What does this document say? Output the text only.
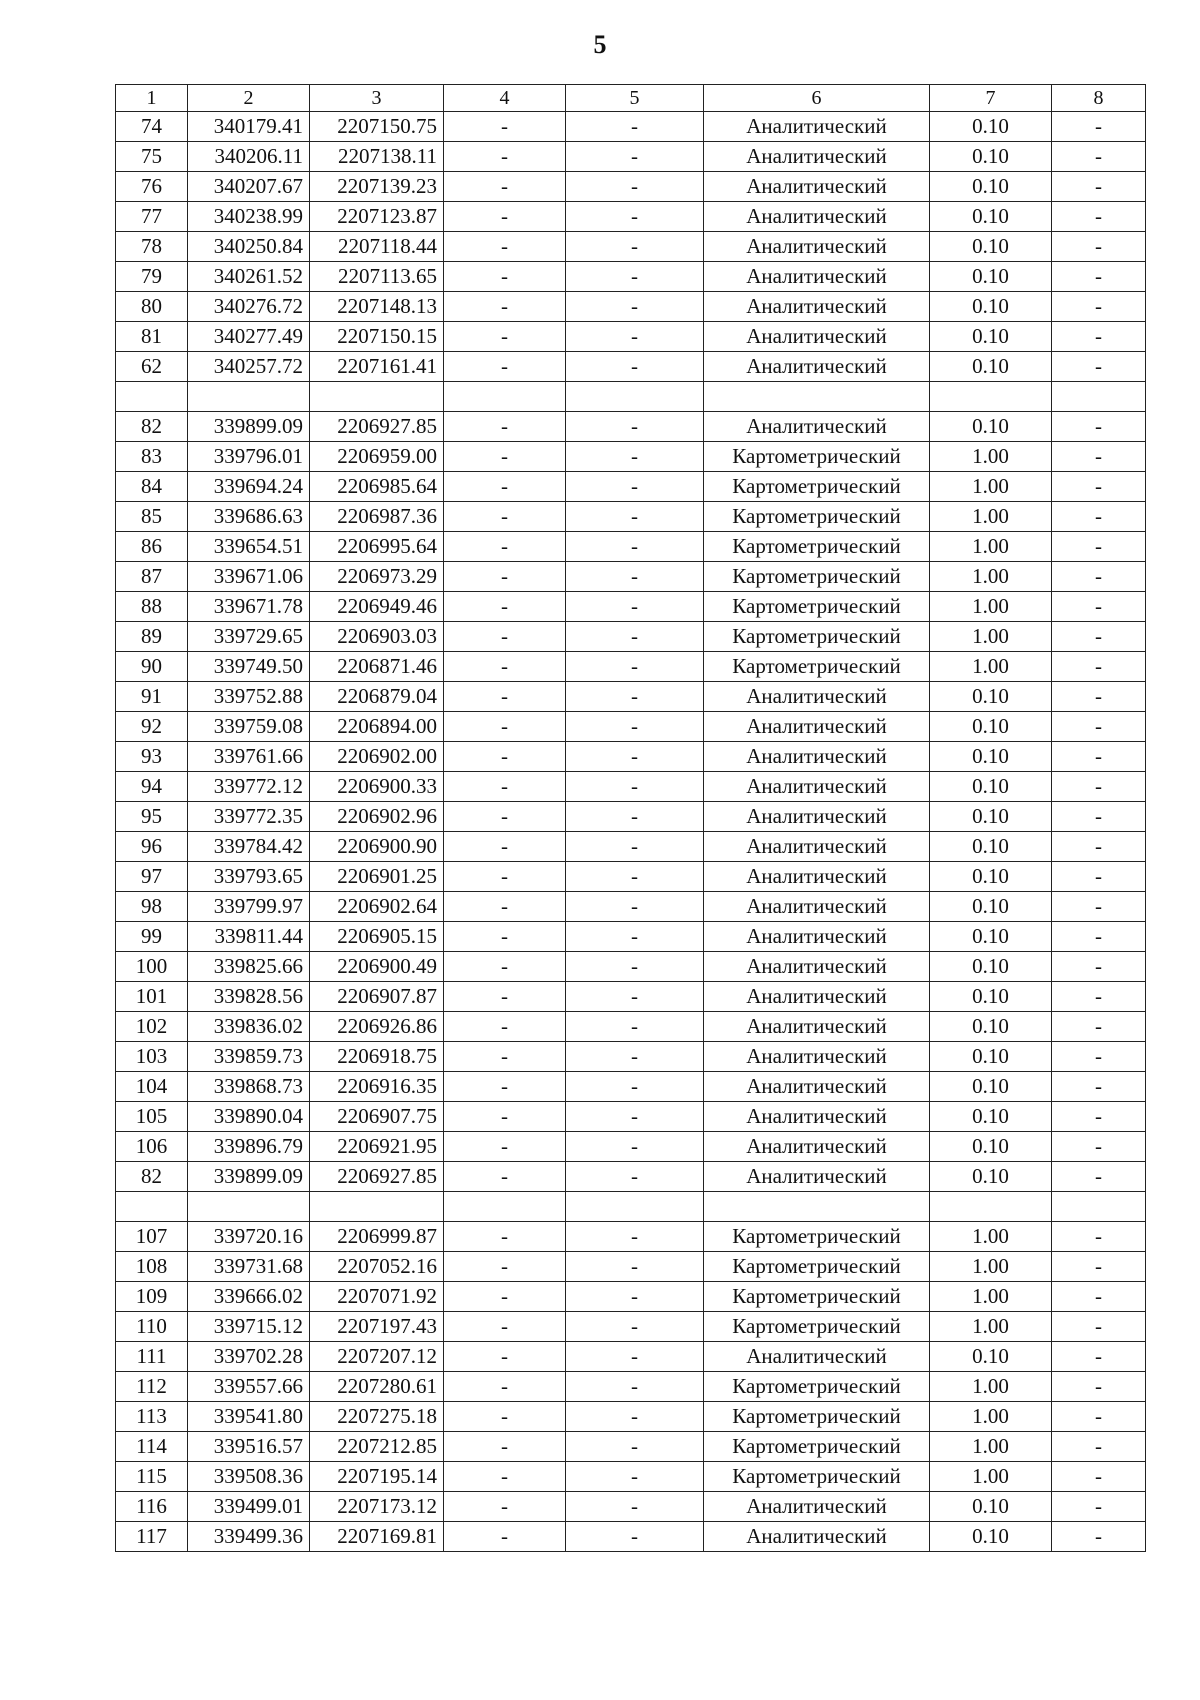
5
1	2	3	4	5	6	7	8
74	340179.41	2207150.75	-	-	Аналитический	0.10	-
75	340206.11	2207138.11	-	-	Аналитический	0.10	-
76	340207.67	2207139.23	-	-	Аналитический	0.10	-
77	340238.99	2207123.87	-	-	Аналитический	0.10	-
78	340250.84	2207118.44	-	-	Аналитический	0.10	-
79	340261.52	2207113.65	-	-	Аналитический	0.10	-
80	340276.72	2207148.13	-	-	Аналитический	0.10	-
81	340277.49	2207150.15	-	-	Аналитический	0.10	-
62	340257.72	2207161.41	-	-	Аналитический	0.10	-

82	339899.09	2206927.85	-	-	Аналитический	0.10	-
83	339796.01	2206959.00	-	-	Картометрический	1.00	-
84	339694.24	2206985.64	-	-	Картометрический	1.00	-
85	339686.63	2206987.36	-	-	Картометрический	1.00	-
86	339654.51	2206995.64	-	-	Картометрический	1.00	-
87	339671.06	2206973.29	-	-	Картометрический	1.00	-
88	339671.78	2206949.46	-	-	Картометрический	1.00	-
89	339729.65	2206903.03	-	-	Картометрический	1.00	-
90	339749.50	2206871.46	-	-	Картометрический	1.00	-
91	339752.88	2206879.04	-	-	Аналитический	0.10	-
92	339759.08	2206894.00	-	-	Аналитический	0.10	-
93	339761.66	2206902.00	-	-	Аналитический	0.10	-
94	339772.12	2206900.33	-	-	Аналитический	0.10	-
95	339772.35	2206902.96	-	-	Аналитический	0.10	-
96	339784.42	2206900.90	-	-	Аналитический	0.10	-
97	339793.65	2206901.25	-	-	Аналитический	0.10	-
98	339799.97	2206902.64	-	-	Аналитический	0.10	-
99	339811.44	2206905.15	-	-	Аналитический	0.10	-
100	339825.66	2206900.49	-	-	Аналитический	0.10	-
101	339828.56	2206907.87	-	-	Аналитический	0.10	-
102	339836.02	2206926.86	-	-	Аналитический	0.10	-
103	339859.73	2206918.75	-	-	Аналитический	0.10	-
104	339868.73	2206916.35	-	-	Аналитический	0.10	-
105	339890.04	2206907.75	-	-	Аналитический	0.10	-
106	339896.79	2206921.95	-	-	Аналитический	0.10	-
82	339899.09	2206927.85	-	-	Аналитический	0.10	-

107	339720.16	2206999.87	-	-	Картометрический	1.00	-
108	339731.68	2207052.16	-	-	Картометрический	1.00	-
109	339666.02	2207071.92	-	-	Картометрический	1.00	-
110	339715.12	2207197.43	-	-	Картометрический	1.00	-
111	339702.28	2207207.12	-	-	Аналитический	0.10	-
112	339557.66	2207280.61	-	-	Картометрический	1.00	-
113	339541.80	2207275.18	-	-	Картометрический	1.00	-
114	339516.57	2207212.85	-	-	Картометрический	1.00	-
115	339508.36	2207195.14	-	-	Картометрический	1.00	-
116	339499.01	2207173.12	-	-	Аналитический	0.10	-
117	339499.36	2207169.81	-	-	Аналитический	0.10	-
